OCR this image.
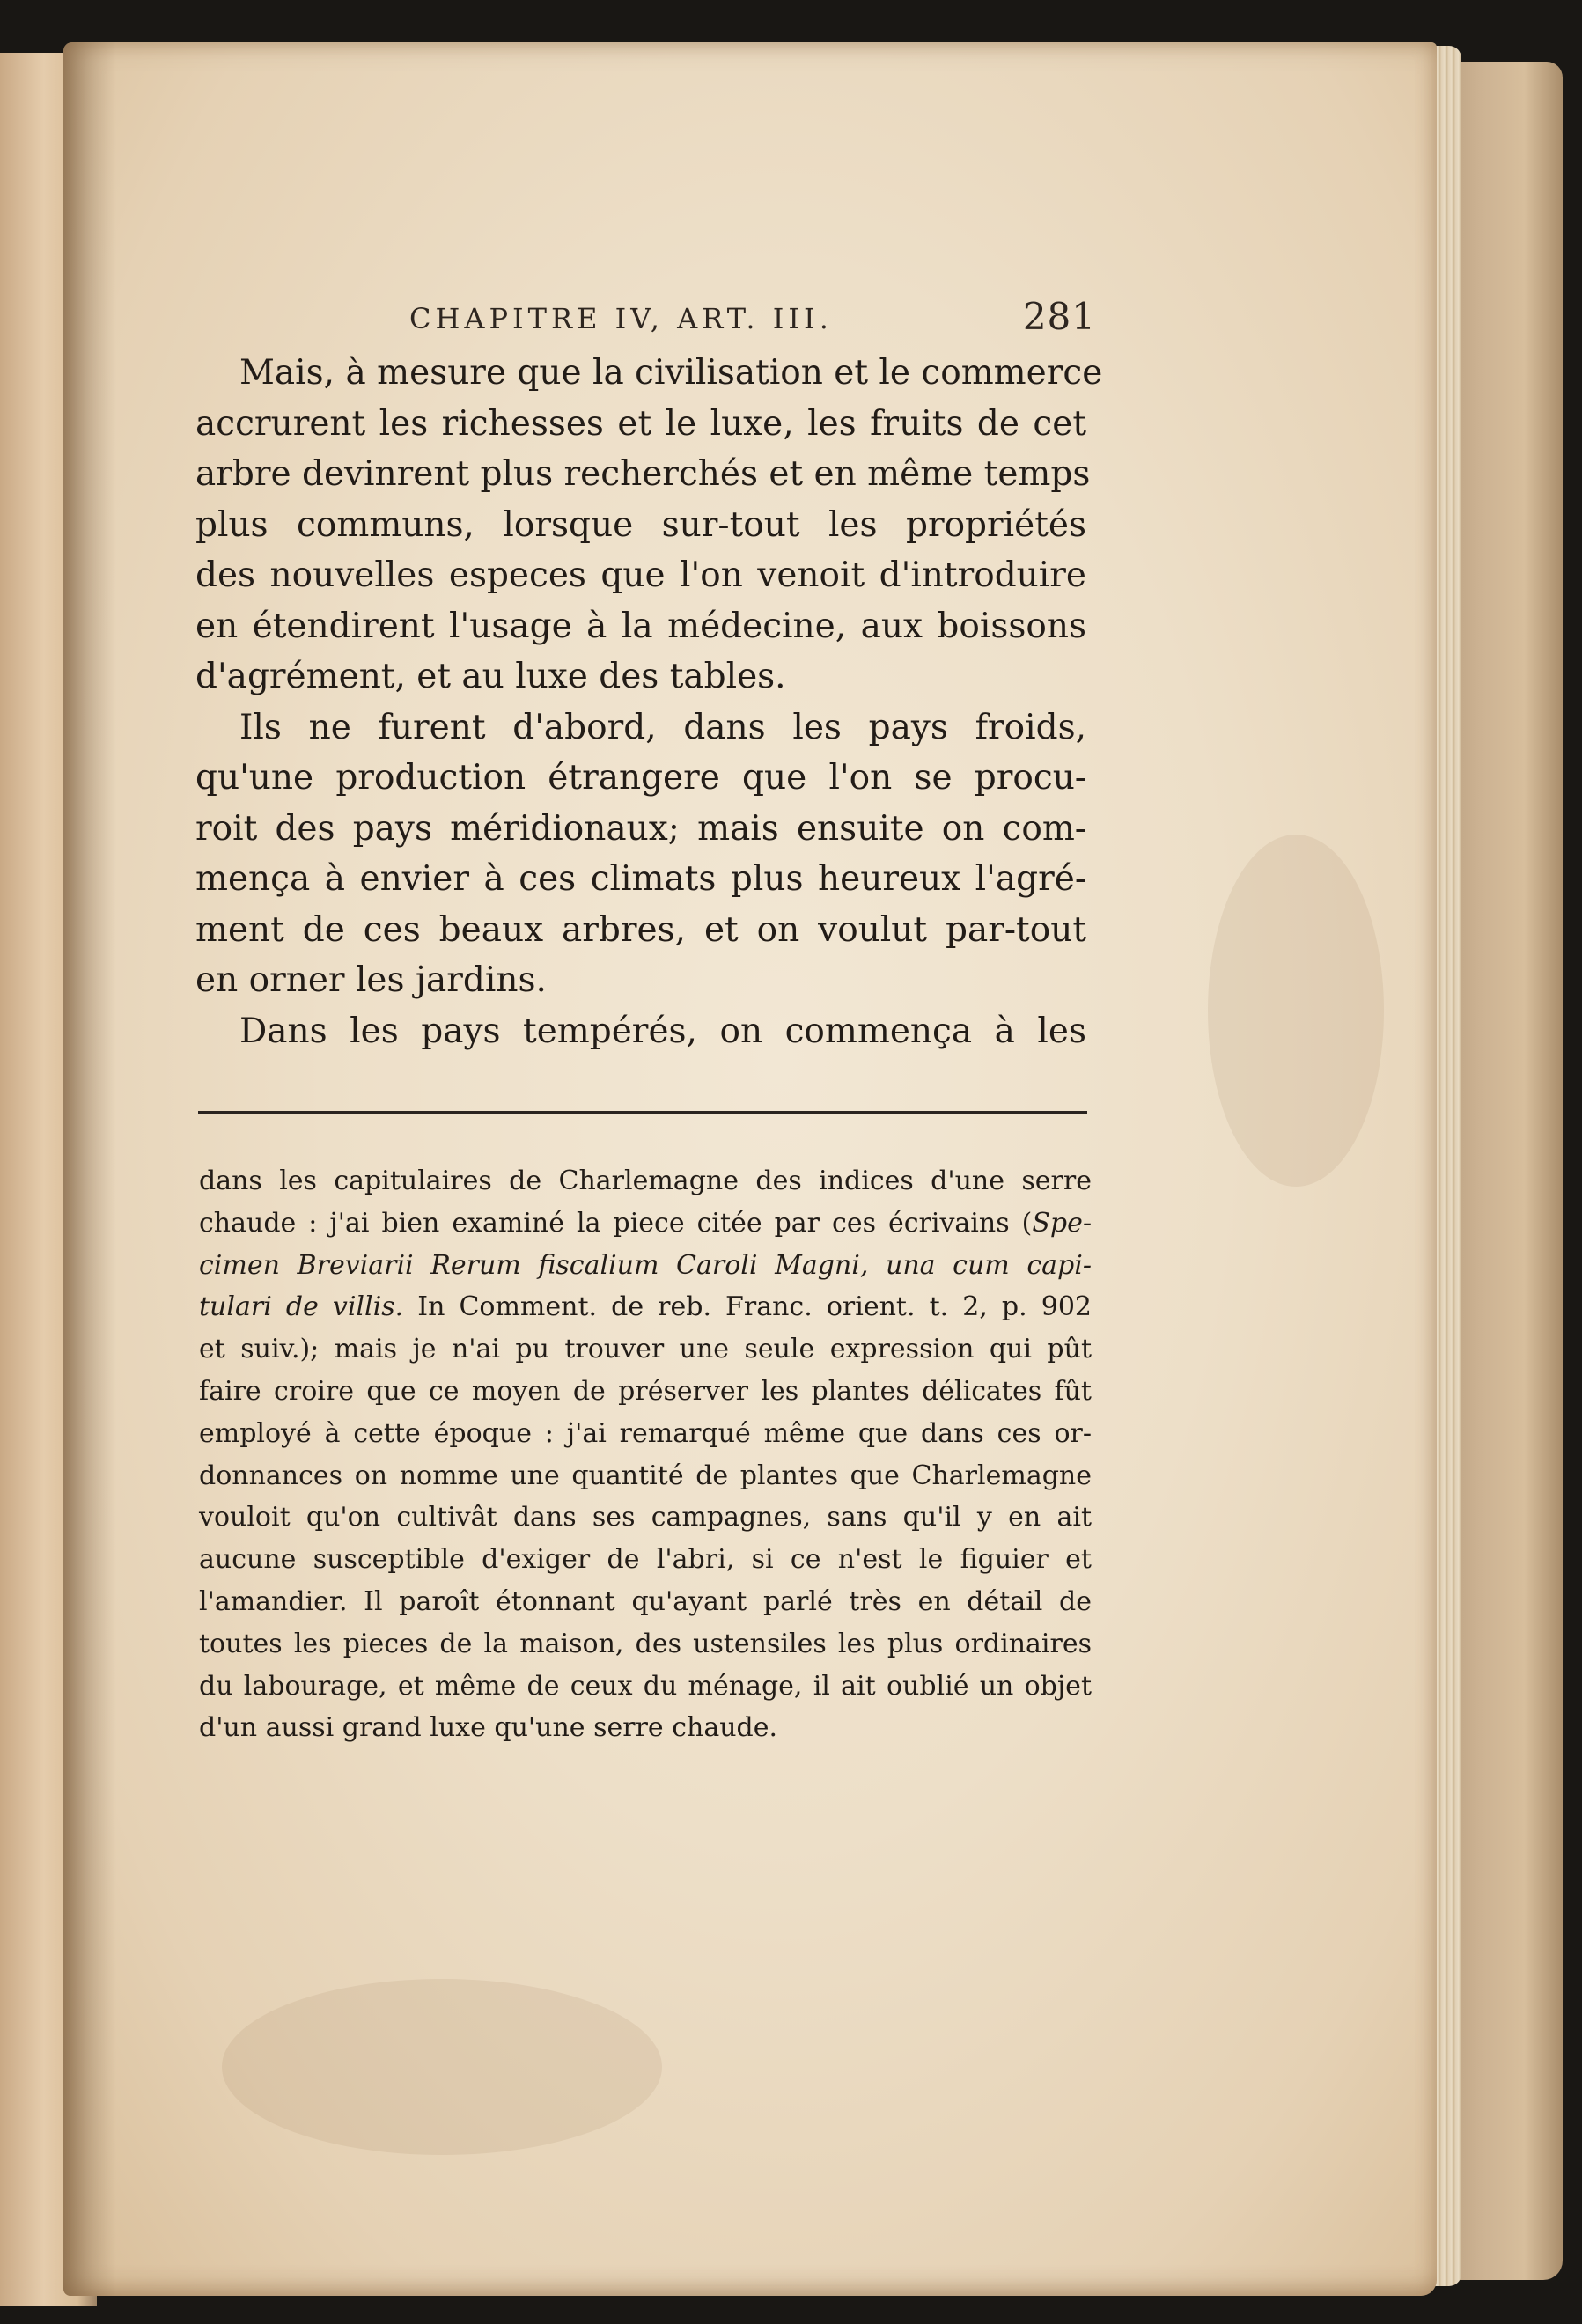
CHAPITRE IV, ART. III.	281
Mais, à mesure que la civilisation et le commerce
accrurent les richesses et le luxe, les fruits de cet
arbre devinrent plus recherchés et en même temps
plus communs, lorsque sur-tout les propriétés
des nouvelles especes que l'on venoit d'introduire
en étendirent l'usage à la médecine, aux boissons
d'agrément, et au luxe des tables.
Ils ne furent d'abord, dans les pays froids,
qu'une production étrangere que l'on se procu-
roit des pays méridionaux; mais ensuite on com-
mença à envier à ces climats plus heureux l'agré-
ment de ces beaux arbres, et on voulut par-tout
en orner les jardins.
Dans les pays tempérés, on commença à les
dans les capitulaires de Charlemagne des indices d'une serre
chaude : j'ai bien examiné la piece citée par ces écrivains (Spe-
cimen Breviarii Rerum fiscalium Caroli Magni, una cum capi-
tulari de villis. In Comment. de reb. Franc. orient. t. 2, p. 902
et suiv.); mais je n'ai pu trouver une seule expression qui pût
faire croire que ce moyen de préserver les plantes délicates fût
employé à cette époque : j'ai remarqué même que dans ces or-
donnances on nomme une quantité de plantes que Charlemagne
vouloit qu'on cultivât dans ses campagnes, sans qu'il y en ait
aucune susceptible d'exiger de l'abri, si ce n'est le figuier et
l'amandier. Il paroît étonnant qu'ayant parlé très en détail de
toutes les pieces de la maison, des ustensiles les plus ordinaires
du labourage, et même de ceux du ménage, il ait oublié un objet
d'un aussi grand luxe qu'une serre chaude.
